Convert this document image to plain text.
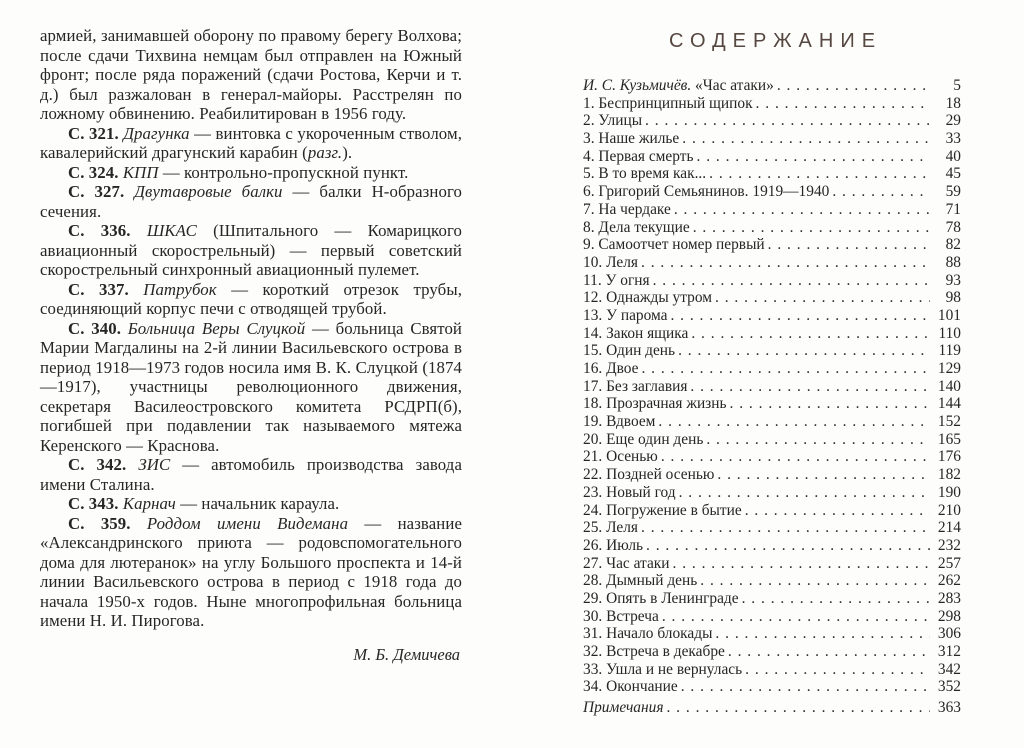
армией, занимавшей оборону по правому берегу Волхова; после сдачи Тихвина немцам был отправлен на Южный фронт; после ряда поражений (сдачи Ростова, Керчи и т. д.) был разжалован в генерал-майоры. Расстрелян по ложному обвинению. Реабилитирован в 1956 году.

С. 321. Драгунка — винтовка с укороченным стволом, кавалерийский драгунский карабин (разг.).

С. 324. КПП — контрольно-пропускной пункт.

С. 327. Двутавровые балки — балки Н-образного сечения.

С. 336. ШКАС (Шпитального — Комарицкого авиационный скорострельный) — первый советский скорострельный синхронный авиационный пулемет.

С. 337. Патрубок — короткий отрезок трубы, соединяющий корпус печи с отводящей трубой.

С. 340. Больница Веры Слуцкой — больница Святой Марии Магдалины на 2-й линии Васильевского острова в период 1918—1973 годов носила имя В. К. Слуцкой (1874—1917), участницы революционного движения, секретаря Василеостровского комитета РСДРП(б), погибшей при подавлении так называемого мятежа Керенского — Краснова.

С. 342. ЗИС — автомобиль производства завода имени Сталина.

С. 343. Карнач — начальник караула.

С. 359. Роддом имени Видемана — название «Александринского приюта — родовспомогательного дома для лютеранок» на углу Большого проспекта и 14-й линии Васильевского острова в период с 1918 года до начала 1950-х годов. Ныне многопрофильная больница имени Н. И. Пирогова.

М. Б. Демичева

СОДЕРЖАНИЕ
И. С. Кузьмичёв. «Час атаки» . . .	5
1. Беспринципный щипок . . .	18
2. Улицы . . .	29
3. Наше жилье . . .	33
4. Первая смерть . . .	40
5. В то время как... . . .	45
6. Григорий Семьянинов. 1919—1940 . . .	59
7. На чердаке . . .	71
8. Дела текущие . . .	78
9. Самоотчет номер первый . . .	82
10. Леля . . .	88
11. У огня . . .	93
12. Однажды утром . . .	98
13. У парома . . .	101
14. Закон ящика . . .	110
15. Один день . . .	119
16. Двое . . .	129
17. Без заглавия . . .	140
18. Прозрачная жизнь . . .	144
19. Вдвоем . . .	152
20. Еще один день . . .	165
21. Осенью . . .	176
22. Поздней осенью . . .	182
23. Новый год . . .	190
24. Погружение в бытие . . .	210
25. Леля . . .	214
26. Июль . . .	232
27. Час атаки . . .	257
28. Дымный день . . .	262
29. Опять в Ленинграде . . .	283
30. Встреча . . .	298
31. Начало блокады . . .	306
32. Встреча в декабре . . .	312
33. Ушла и не вернулась . . .	342
34. Окончание . . .	352
Примечания . . .	363
